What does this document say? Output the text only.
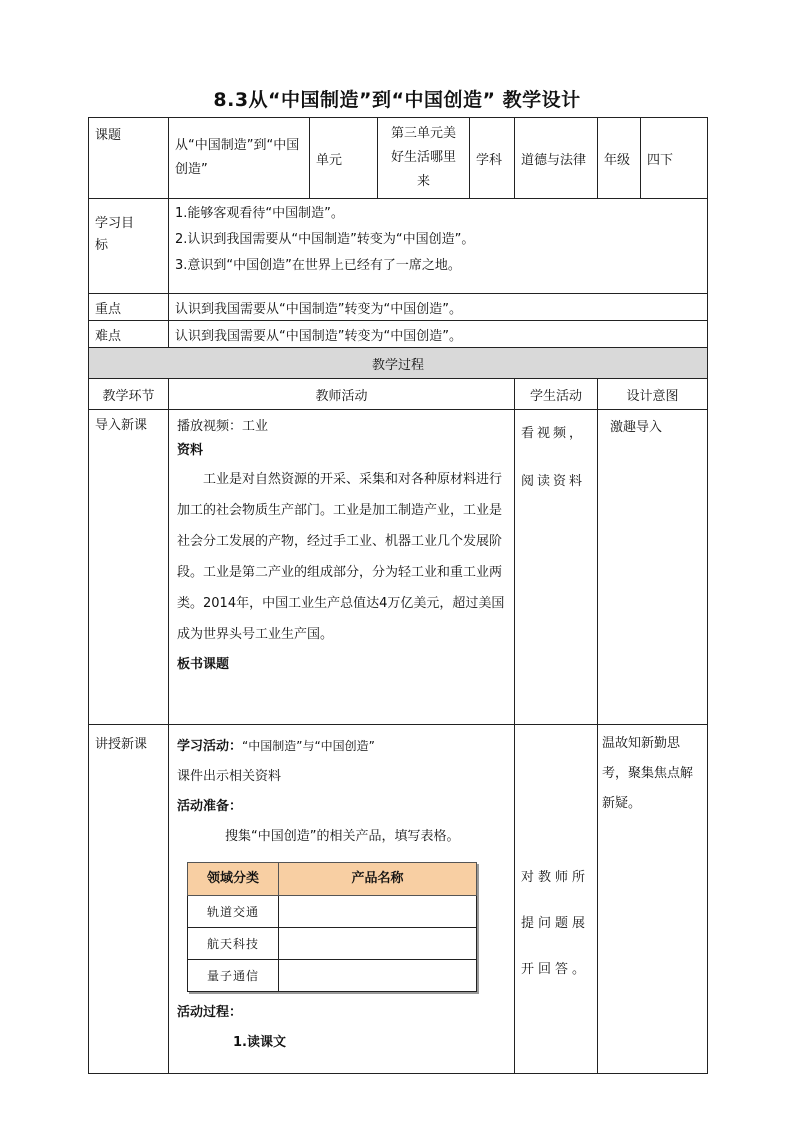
8.3从“中国制造”到“中国创造” 教学设计
课题	从“中国制造”到“中国创造”	单元	第三单元美好生活哪里来	学科	道德与法律	年级	四下
学习目标	
1.能够客观看待“中国制造”。
2.认识到我国需要从“中国制造”转变为“中国创造”。
3.意识到“中国创造”在世界上已经有了一席之地。

重点	认识到我国需要从“中国制造”转变为“中国创造”。
难点	认识到我国需要从“中国制造”转变为“中国创造”。
教学过程
教学环节	教师活动	学生活动	设计意图
导入新课	播放视频：工业
资料

工业是对自然资源的开采、采集和对各种原材料进行加工的社会物质生产部门。工业是加工制造产业，工业是社会分工发展的产物，经过手工业、机器工业几个发展阶段。工业是第二产业的组成部分，分为轻工业和重工业两类。2014年，中国工业生产总值达4万亿美元，超过美国成为世界头号工业生产国。

板书课题
	看视频，阅读资料	激趣导入
讲授新课	学习活动：“中国制造”与“中国创造”
课件出示相关资料
活动准备：
搜集“中国创造”的相关产品，填写表格。
领域分类	产品名称
轨道交通	
航天科技	
量子通信	
活动过程：
1.读课文
	对教师所提问题展开回答。	温故知新勤思考，聚集焦点解新疑。
